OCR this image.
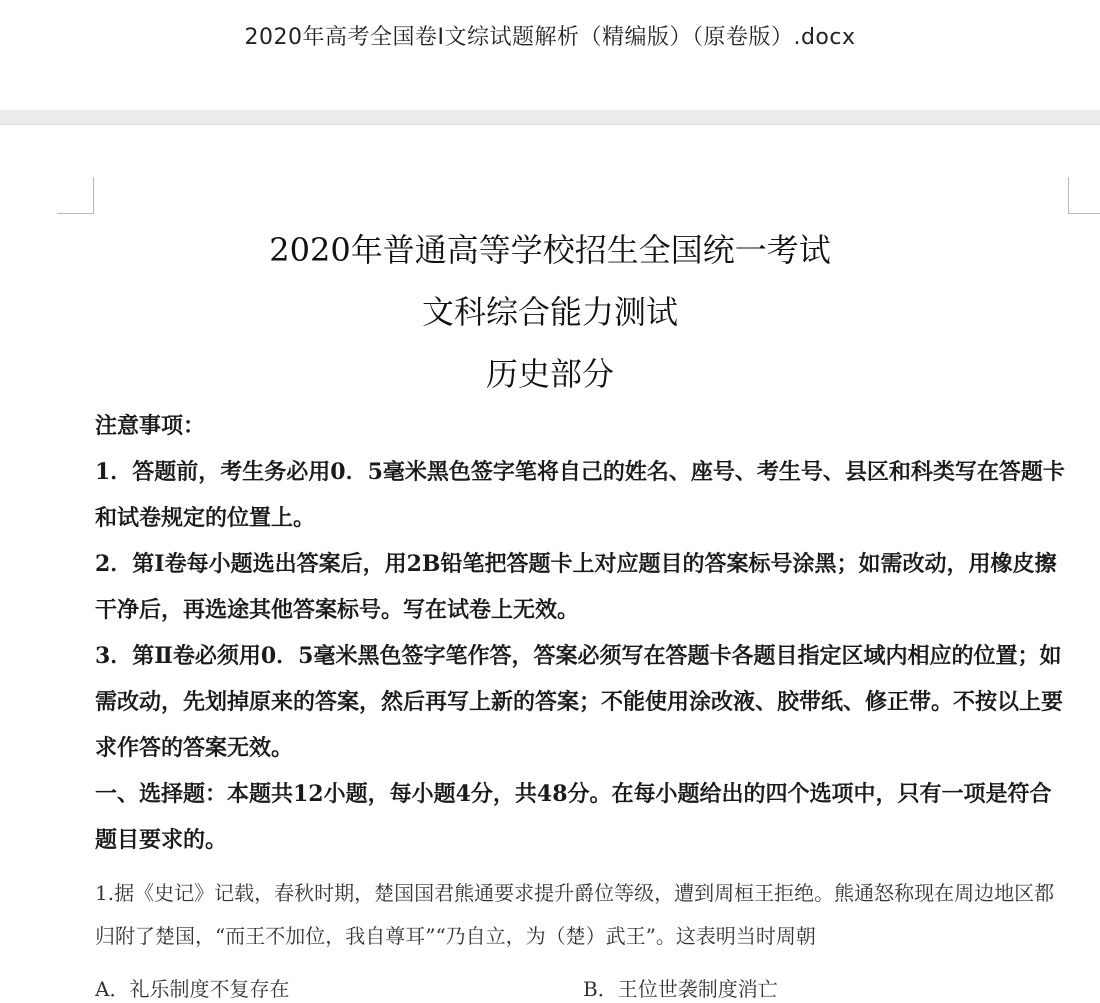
2020年高考全国卷Ⅰ文综试题解析（精编版）（原卷版）.docx
2020年普通高等学校招生全国统一考试
文科综合能力测试
历史部分

注意事项：

1．答题前，考生务必用0．5毫米黑色签字笔将自己的姓名、座号、考生号、县区和科类写在答题卡和试卷规定的位置上。

2．第Ⅰ卷每小题选出答案后，用2B铅笔把答题卡上对应题目的答案标号涂黑；如需改动，用橡皮擦干净后，再选途其他答案标号。写在试卷上无效。

3．第Ⅱ卷必须用0．5毫米黑色签字笔作答，答案必须写在答题卡各题目指定区域内相应的位置；如需改动，先划掉原来的答案，然后再写上新的答案；不能使用涂改液、胶带纸、修正带。不按以上要求作答的答案无效。

一、选择题：本题共12小题，每小题4分，共48分。在每小题给出的四个选项中，只有一项是符合题目要求的。

1.据《史记》记载，春秋时期，楚国国君熊通要求提升爵位等级，遭到周桓王拒绝。熊通怒称现在周边地区都归附了楚国，“而王不加位，我自尊耳”“乃自立，为（楚）武王”。这表明当时周朝

A．礼乐制度不复存在	B．王位世袭制度消亡
